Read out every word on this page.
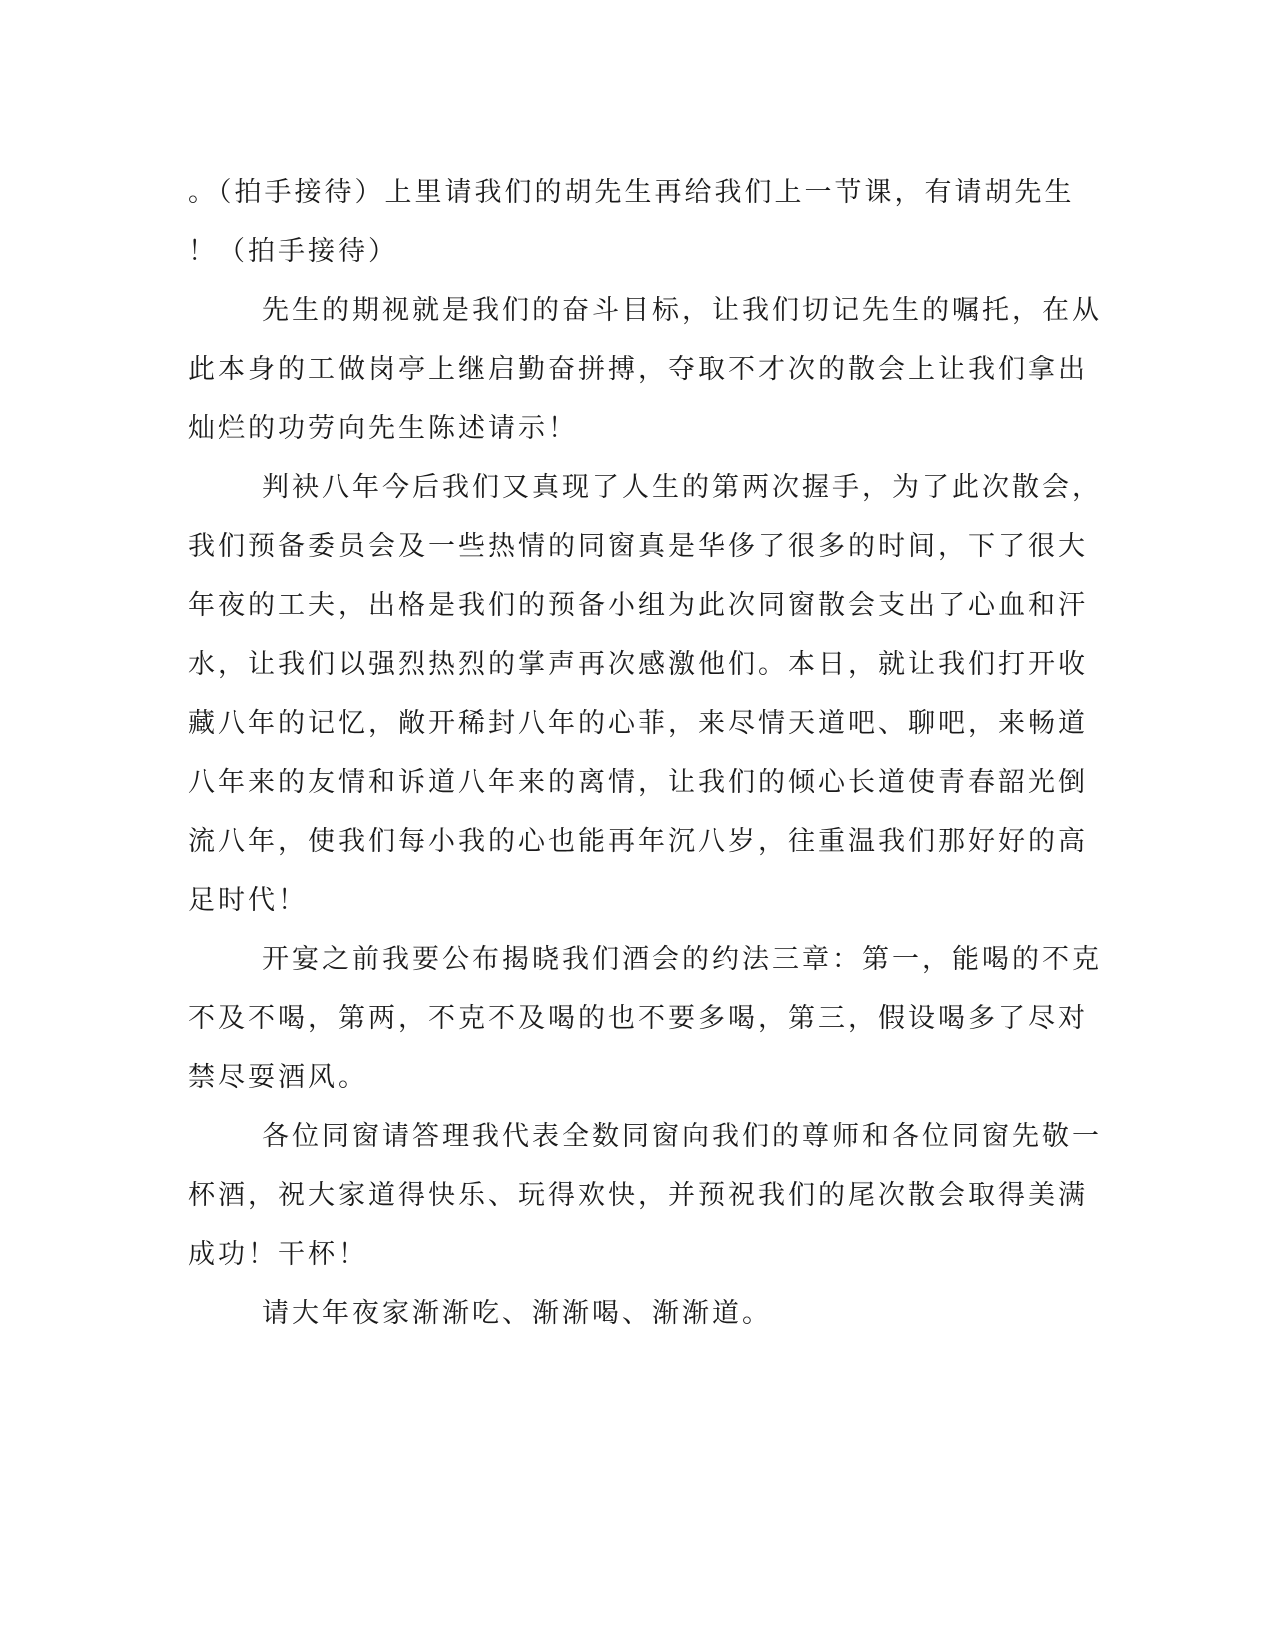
。（拍手接待）上里请我们的胡先生再给我们上一节课，有请胡先生
！（拍手接待）
先生的期视就是我们的奋斗目标，让我们切记先生的嘱托，在从
此本身的工做岗亭上继启勤奋拼搏，夺取不才次的散会上让我们拿出
灿烂的功劳向先生陈述请示！
判袂八年今后我们又真现了人生的第两次握手，为了此次散会，
我们预备委员会及一些热情的同窗真是华侈了很多的时间，下了很大
年夜的工夫，出格是我们的预备小组为此次同窗散会支出了心血和汗
水，让我们以强烈热烈的掌声再次感激他们。本日，就让我们打开收
藏八年的记忆，敞开稀封八年的心菲，来尽情天道吧、聊吧，来畅道
八年来的友情和诉道八年来的离情，让我们的倾心长道使青春韶光倒
流八年，使我们每小我的心也能再年沉八岁，往重温我们那好好的高
足时代！
开宴之前我要公布揭晓我们酒会的约法三章：第一，能喝的不克
不及不喝，第两，不克不及喝的也不要多喝，第三，假设喝多了尽对
禁尽耍酒风。
各位同窗请答理我代表全数同窗向我们的尊师和各位同窗先敬一
杯酒，祝大家道得快乐、玩得欢快，并预祝我们的尾次散会取得美满
成功！干杯！
请大年夜家渐渐吃、渐渐喝、渐渐道。
